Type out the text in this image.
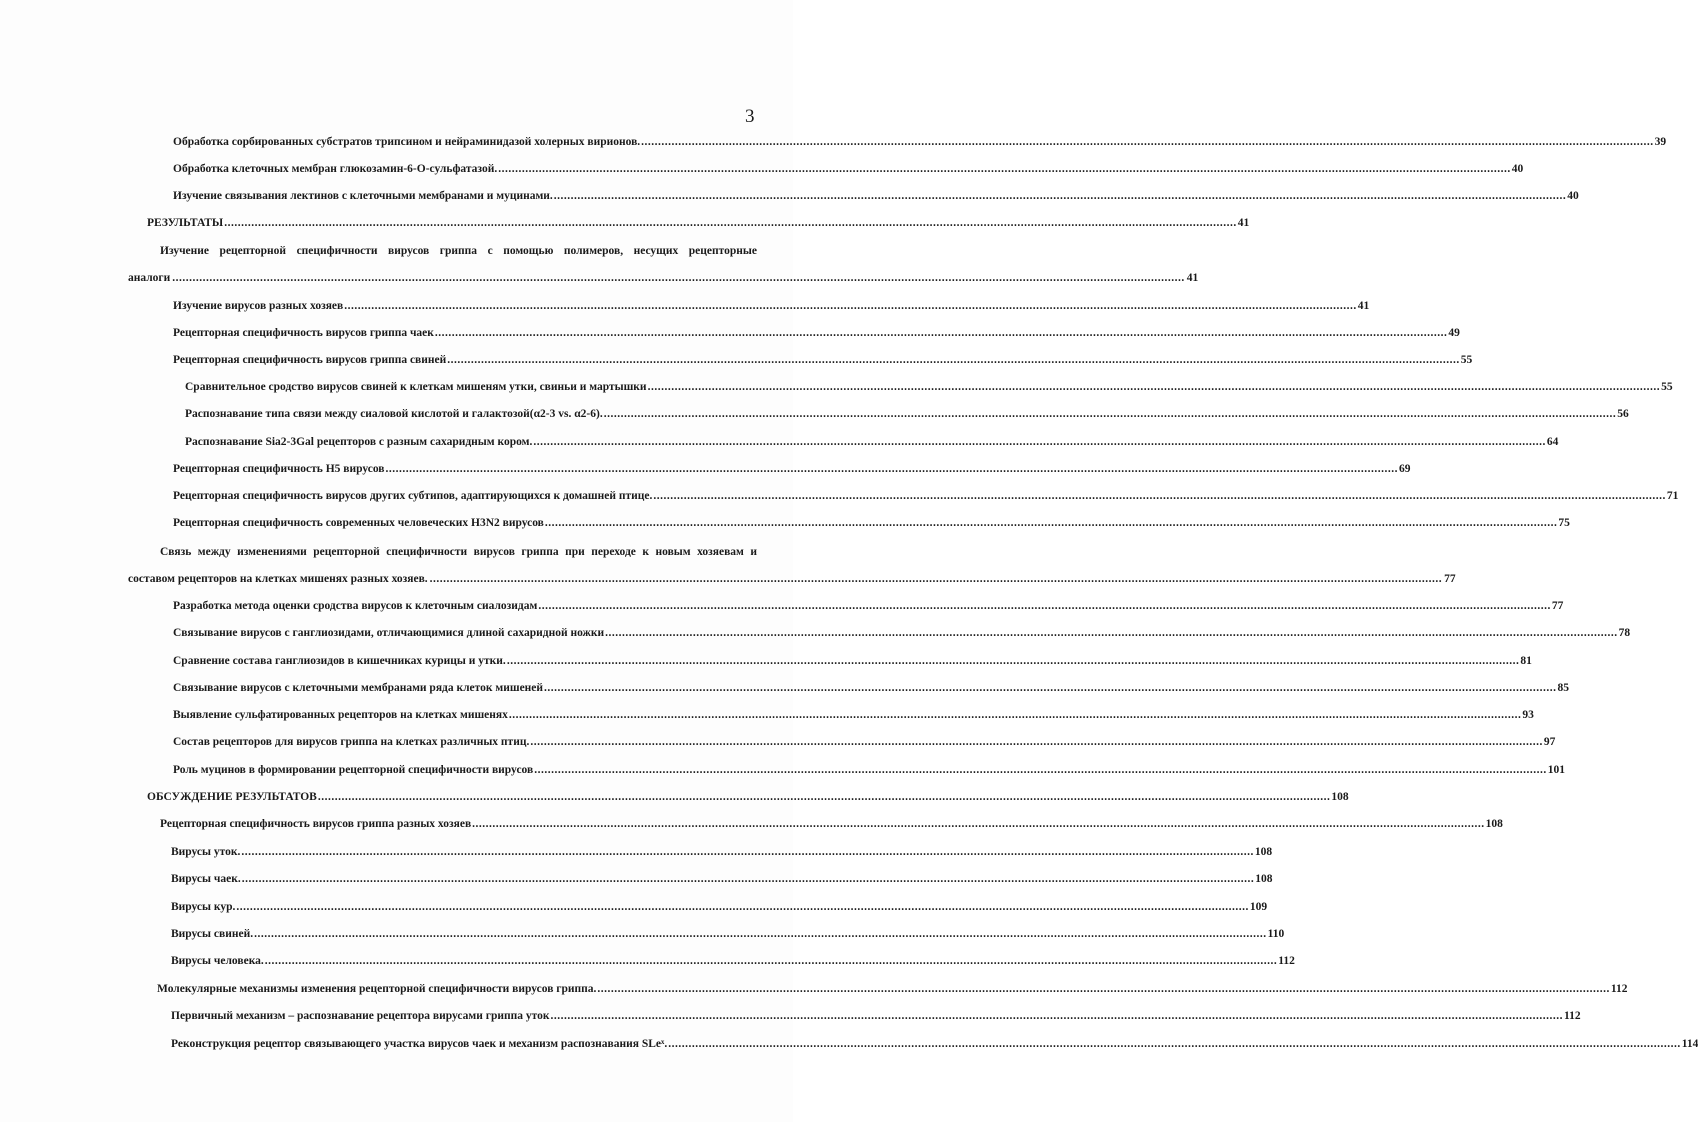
3
Обработка сорбированных субстратов трипсином и нейраминидазой холерных вирионов. .....	39
Обработка клеточных мембран глюкозамин-6-О-сульфатазой. .....	40
Изучение связывания лектинов с клеточными мембранами и муцинами. .....	40
РЕЗУЛЬТАТЫ .....	41
Изучение рецепторной специфичности вирусов гриппа с помощью полимеров, несущих рецепторные
аналоги .....	41
Изучение вирусов разных хозяев .....	41
Рецепторная специфичность вирусов гриппа чаек .....	49
Рецепторная специфичность вирусов гриппа свиней .....	55
Сравнительное сродство вирусов свиней к клеткам мишеням утки, свиньи и мартышки .....	55
Распознавание типа связи между сиаловой кислотой и галактозой(α2-3 vs. α2-6). .....	56
Распознавание Sia2-3Gal рецепторов с разным сахаридным кором. .....	64
Рецепторная специфичность H5 вирусов .....	69
Рецепторная специфичность вирусов других субтипов, адаптирующихся к домашней птице. .....	71
Рецепторная специфичность современных человеческих H3N2 вирусов .....	75
Связь между изменениями рецепторной специфичности вирусов гриппа при переходе к новым хозяевам и
составом рецепторов на клетках мишенях разных хозяев. .....	77
Разработка метода оценки сродства вирусов к клеточным сиалозидам .....	77
Связывание вирусов с ганглиозидами, отличающимися длиной сахаридной ножки .....	78
Сравнение состава ганглиозидов в кишечниках курицы и утки. .....	81
Связывание вирусов с клеточными мембранами ряда клеток мишеней .....	85
Выявление сульфатированных рецепторов на клетках мишенях .....	93
Состав рецепторов для вирусов гриппа на клетках различных птиц. .....	97
Роль муцинов в формировании рецепторной специфичности вирусов .....	101
ОБСУЖДЕНИЕ РЕЗУЛЬТАТОВ .....	108
Рецепторная специфичность вирусов гриппа разных хозяев .....	108
Вирусы уток. .....	108
Вирусы чаек. .....	108
Вирусы кур. .....	109
Вирусы свиней. .....	110
Вирусы человека. .....	112
Молекулярные механизмы изменения рецепторной специфичности вирусов гриппа. .....	112
Первичный механизм – распознавание рецептора вирусами гриппа уток .....	112
Реконструкция рецептор связывающего участка вирусов чаек и механизм распознавания SLeˣ. .....	114
